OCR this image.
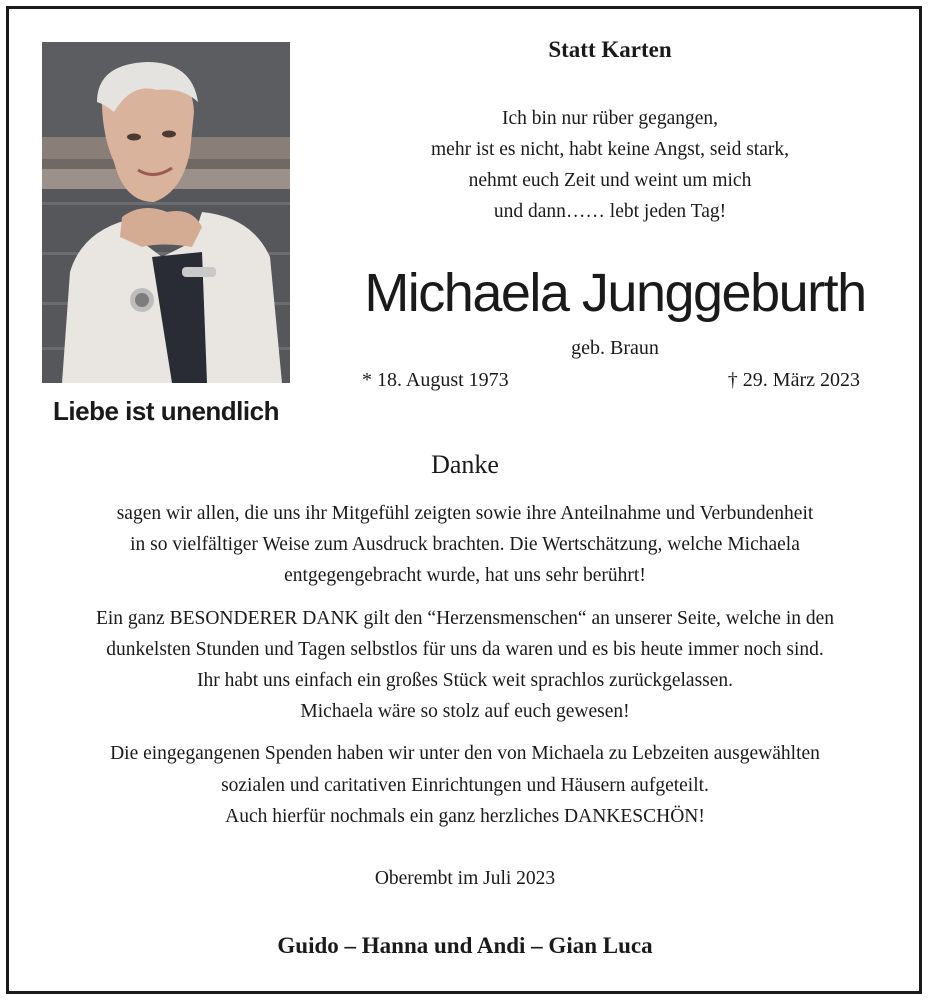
Liebe ist unendlich
Statt Karten
Ich bin nur rüber gegangen,
mehr ist es nicht, habt keine Angst, seid stark,
nehmt euch Zeit und weint um mich
und dann…… lebt jeden Tag!
Michaela Junggeburth
geb. Braun
* 18. August 1973	† 29. März 2023
Danke
sagen wir allen, die uns ihr Mitgefühl zeigten sowie ihre Anteilnahme und Verbundenheit
in so vielfältiger Weise zum Ausdruck brachten. Die Wertschätzung, welche Michaela
entgegengebracht wurde, hat uns sehr berührt!
Ein ganz BESONDERER DANK gilt den “Herzensmenschen“ an unserer Seite, welche in den
dunkelsten Stunden und Tagen selbstlos für uns da waren und es bis heute immer noch sind.
Ihr habt uns einfach ein großes Stück weit sprachlos zurückgelassen.
Michaela wäre so stolz auf euch gewesen!
Die eingegangenen Spenden haben wir unter den von Michaela zu Lebzeiten ausgewählten
sozialen und caritativen Einrichtungen und Häusern aufgeteilt.
Auch hierfür nochmals ein ganz herzliches DANKESCHÖN!
Oberembt im Juli 2023
Guido – Hanna und Andi – Gian Luca
